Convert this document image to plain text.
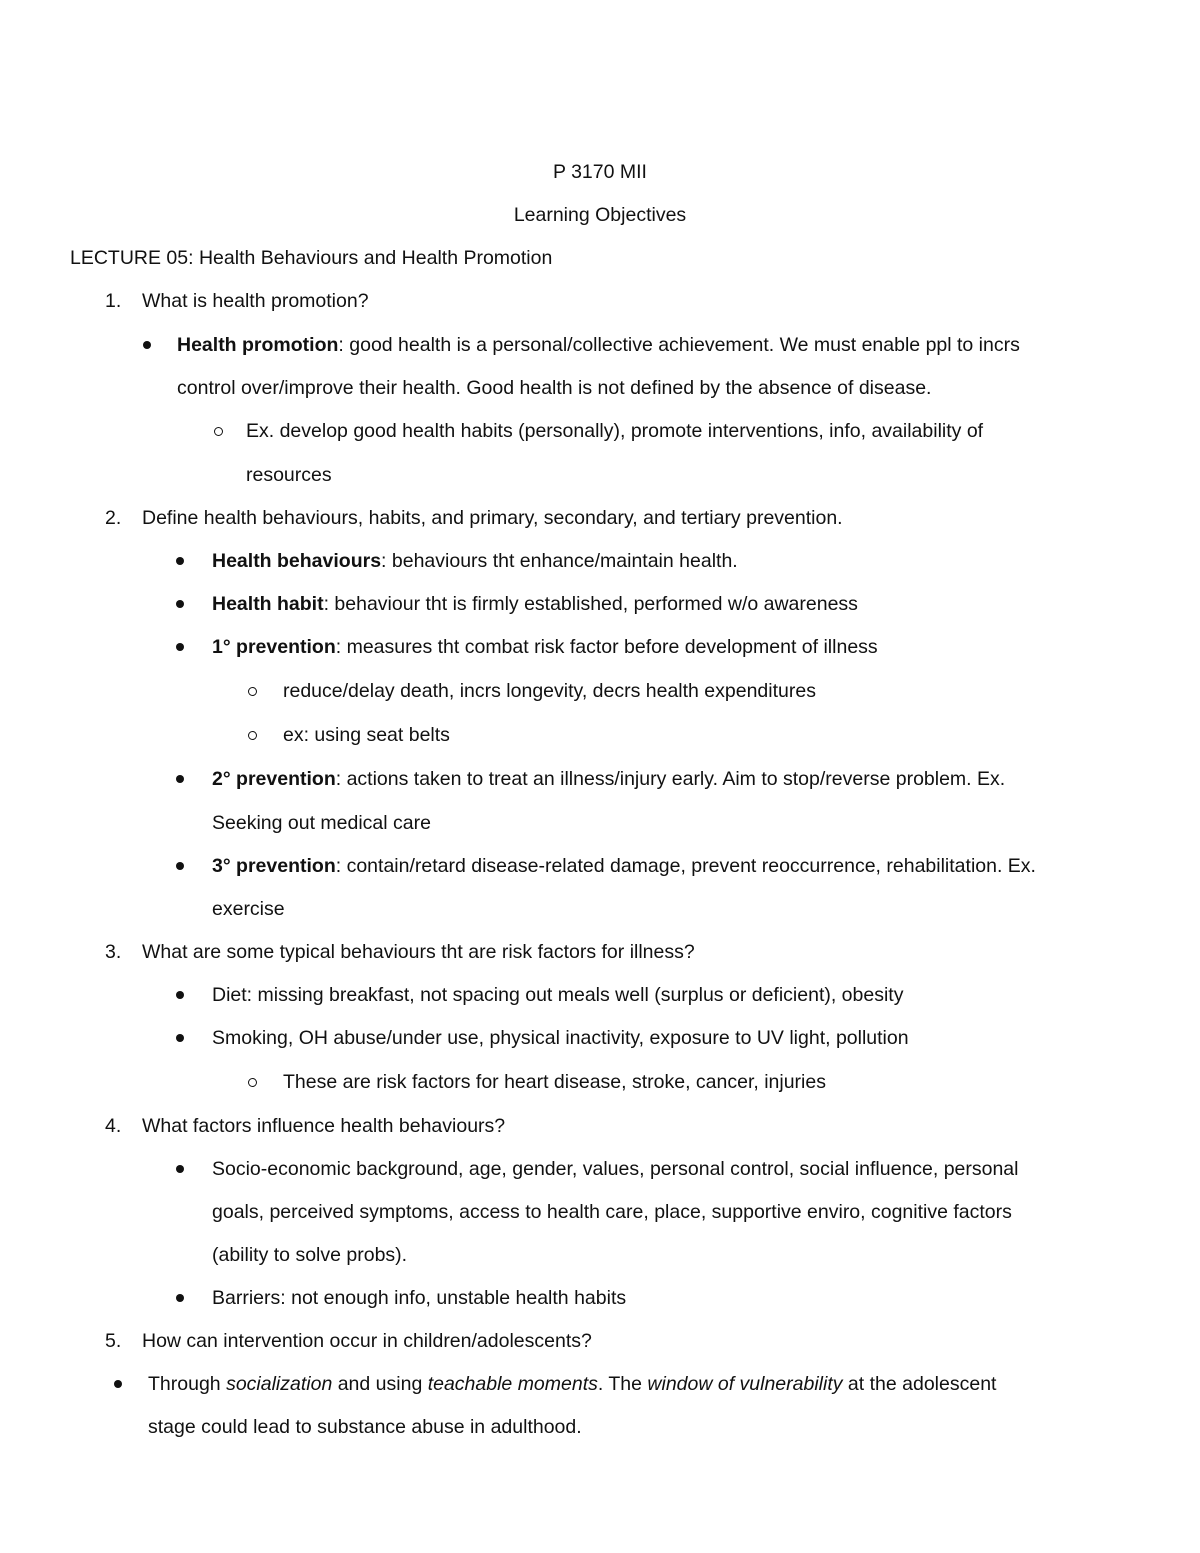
P 3170 MII
Learning Objectives
LECTURE 05: Health Behaviours and Health Promotion
1. What is health promotion?
Health promotion: good health is a personal/collective achievement. We must enable ppl to incrs
control over/improve their health. Good health is not defined by the absence of disease.
Ex. develop good health habits (personally), promote interventions, info, availability of
resources
2. Define health behaviours, habits, and primary, secondary, and tertiary prevention.
Health behaviours: behaviours tht enhance/maintain health.
Health habit: behaviour tht is firmly established, performed w/o awareness
1° prevention: measures tht combat risk factor before development of illness
reduce/delay death, incrs longevity, decrs health expenditures
ex: using seat belts
2° prevention: actions taken to treat an illness/injury early. Aim to stop/reverse problem. Ex.
Seeking out medical care
3° prevention: contain/retard disease-related damage, prevent reoccurrence, rehabilitation. Ex.
exercise
3. What are some typical behaviours tht are risk factors for illness?
Diet: missing breakfast, not spacing out meals well (surplus or deficient), obesity
Smoking, OH abuse/under use, physical inactivity, exposure to UV light, pollution
These are risk factors for heart disease, stroke, cancer, injuries
4. What factors influence health behaviours?
Socio-economic background, age, gender, values, personal control, social influence, personal
goals, perceived symptoms, access to health care, place, supportive enviro, cognitive factors
(ability to solve probs).
Barriers: not enough info, unstable health habits
5. How can intervention occur in children/adolescents?
Through socialization and using teachable moments. The window of vulnerability at the adolescent
stage could lead to substance abuse in adulthood.
